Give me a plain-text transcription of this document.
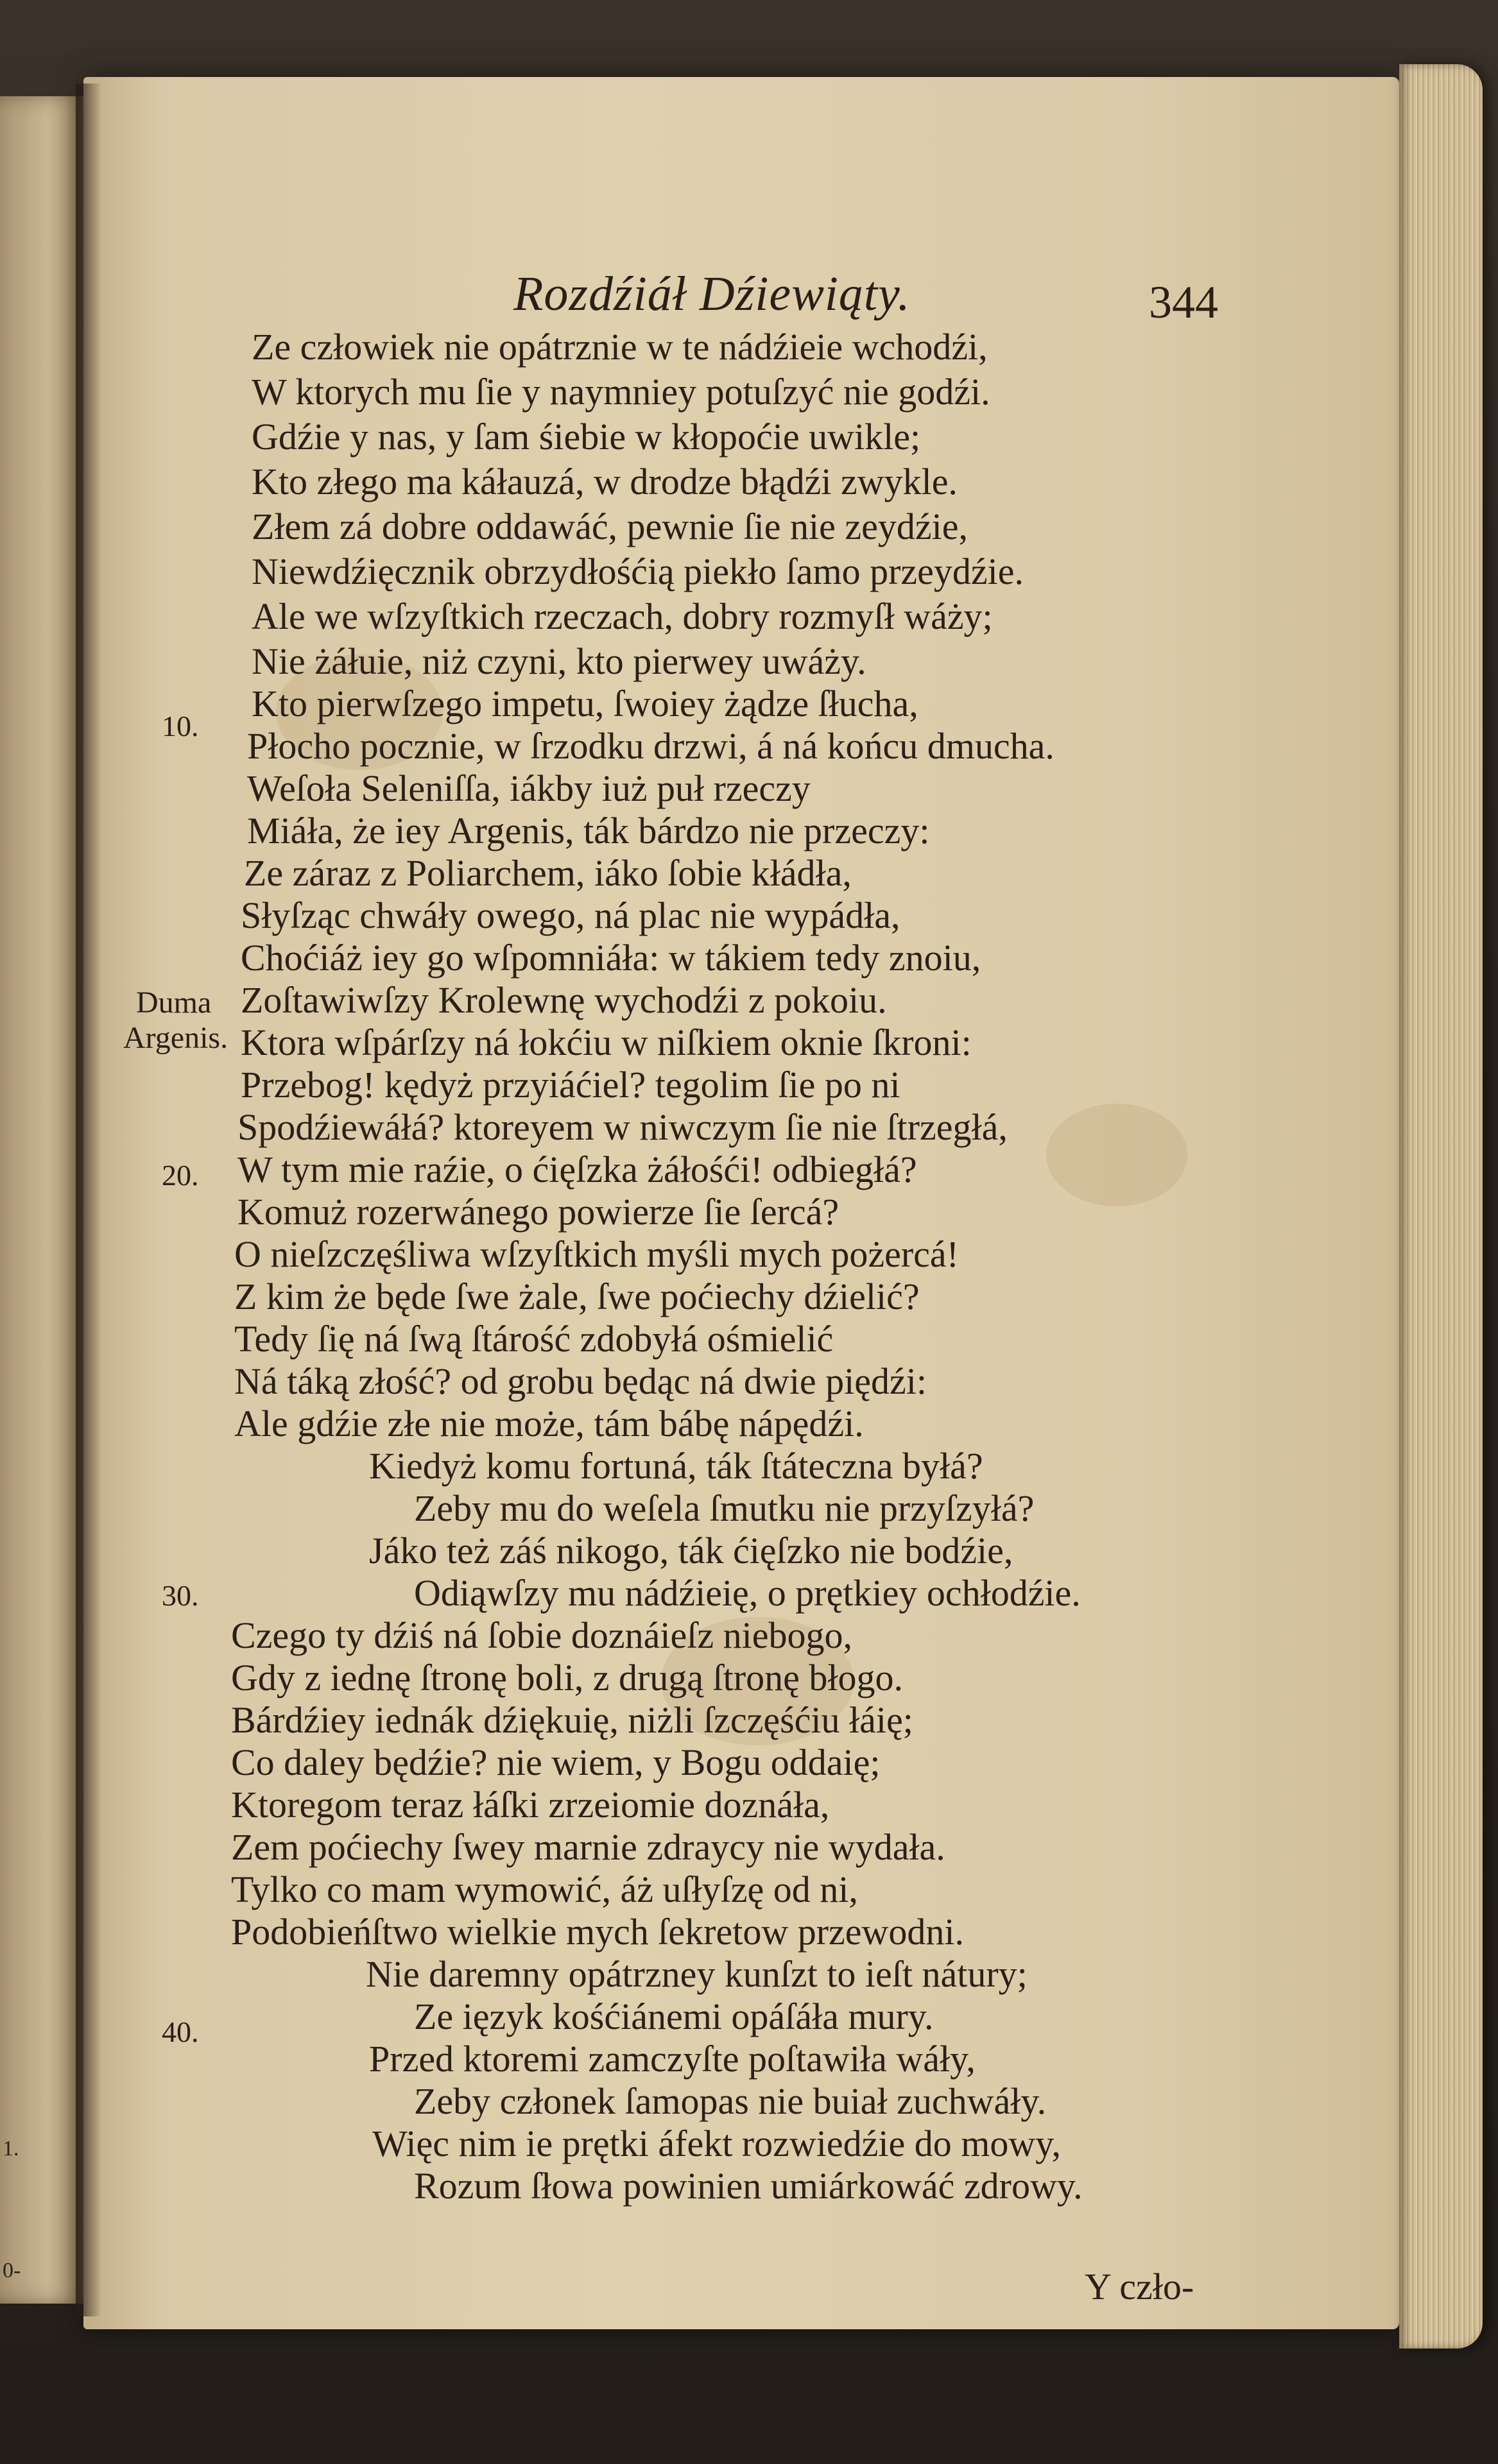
1.
0-
Rozdźiáł Dźiewiąty.	344
10.
20.
30.
40.
Duma
Argenis.
Ze człowiek nie opátrznie w te nádźieie wchodźi,
W ktorych mu ſie y naymniey potuſzyć nie godźi.
Gdźie y nas, y ſam śiebie w kłopoćie uwikle;
Kto złego ma káłauzá, w drodze błądźi zwykle.
Złem zá dobre oddawáć, pewnie ſie nie zeydźie,
Niewdźięcznik obrzydłośćią piekło ſamo przeydźie.
Ale we wſzyſtkich rzeczach, dobry rozmyſł wáży;
Nie żáłuie, niż czyni, kto pierwey uwáży.
Kto pierwſzego impetu, ſwoiey żądze ſłucha,
Płocho pocznie, w ſrzodku drzwi, á ná końcu dmucha.
Weſoła Seleniſſa, iákby iuż puł rzeczy
Miáła, że iey Argenis, ták bárdzo nie przeczy:
Ze záraz z Poliarchem, iáko ſobie kłádła,
Słyſząc chwáły owego, ná plac nie wypádła,
Choćiáż iey go wſpomniáła: w tákiem tedy znoiu,
Zoſtawiwſzy Krolewnę wychodźi z pokoiu.
Ktora wſpárſzy ná łokćiu w niſkiem oknie ſkroni:
Przebog! kędyż przyiáćiel? tegolim ſie po ni
Spodźiewáłá? ktoreyem w niwczym ſie nie ſtrzegłá,
W tym mie raźie, o ćięſzka żáłośći! odbiegłá?
Komuż rozerwánego powierze ſie ſercá?
O nieſzczęśliwa wſzyſtkich myśli mych pożercá!
Z kim że będe ſwe żale, ſwe poćiechy dźielić?
Tedy ſię ná ſwą ſtárość zdobyłá ośmielić
Ná táką złość? od grobu będąc ná dwie piędźi:
Ale gdźie złe nie może, tám bábę nápędźi.
Kiedyż komu fortuná, ták ſtáteczna byłá?
Zeby mu do weſela ſmutku nie przyſzyłá?
Jáko też záś nikogo, ták ćięſzko nie bodźie,
Odiąwſzy mu nádźieię, o prętkiey ochłodźie.
Czego ty dźiś ná ſobie doznáieſz niebogo,
Gdy z iednę ſtronę boli, z drugą ſtronę błogo.
Bárdźiey iednák dźiękuię, niżli ſzczęśćiu łáię;
Co daley będźie? nie wiem, y Bogu oddaię;
Ktoregom teraz łáſki zrzeiomie doznáła,
Zem poćiechy ſwey marnie zdraycy nie wydała.
Tylko co mam wymowić, áż uſłyſzę od ni,
Podobieńſtwo wielkie mych ſekretow przewodni.
Nie daremny opátrzney kunſzt to ieſt nátury;
Ze ięzyk kośćiánemi opáſáła mury.
Przed ktoremi zamczyſte poſtawiła wáły,
Zeby członek ſamopas nie buiał zuchwáły.
Więc nim ie prętki áfekt rozwiedźie do mowy,
Rozum ſłowa powinien umiárkowáć zdrowy.
Y czło-
